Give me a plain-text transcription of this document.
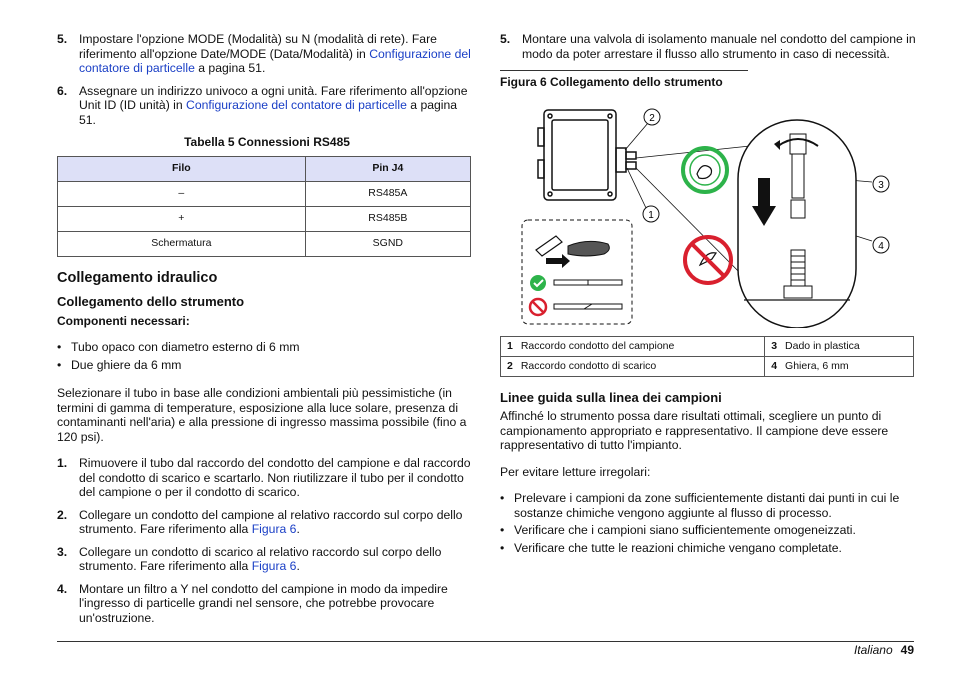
5. Impostare l'opzione MODE (Modalità) su N (modalità di rete). Fare riferimento all'opzione Date/MODE (Data/Modalità) in Configurazione del contatore di particelle a pagina 51.
6. Assegnare un indirizzo univoco a ogni unità. Fare riferimento all'opzione Unit ID (ID unità) in Configurazione del contatore di particelle a pagina 51.
Tabella 5 Connessioni RS485
Filo	Pin J4
–	RS485A
+	RS485B
Schermatura	SGND
Collegamento idraulico
Collegamento dello strumento
Componenti necessari:
• Tubo opaco con diametro esterno di 6 mm
• Due ghiere da 6 mm

Selezionare il tubo in base alle condizioni ambientali più pessimistiche (in termini di gamma di temperature, esposizione alla luce solare, presenza di contaminanti nell'aria) e alla pressione di ingresso massima possibile (fino a 120 psi).

1. Rimuovere il tubo dal raccordo del condotto del campione e dal raccordo del condotto di scarico e scartarlo. Non riutilizzare il tubo per il condotto del campione o per il condotto di scarico.
2. Collegare un condotto del campione al relativo raccordo sul corpo dello strumento. Fare riferimento alla Figura 6.
3. Collegare un condotto di scarico al relativo raccordo sul corpo dello strumento. Fare riferimento alla Figura 6.
4. Montare un filtro a Y nel condotto del campione in modo da impedire l'ingresso di particelle grandi nel sensore, che potrebbe provocare un'ostruzione.
5. Montare una valvola di isolamento manuale nel condotto del campione in modo da poter arrestare il flusso allo strumento in caso di necessità.
Figura 6 Collegamento dello strumento
2
1
3
4
1 Raccordo condotto del campione	3 Dado in plastica
2 Raccordo condotto di scarico	4 Ghiera, 6 mm
Linee guida sulla linea dei campioni

Affinché lo strumento possa dare risultati ottimali, scegliere un punto di campionamento appropriato e rappresentativo. Il campione deve essere rappresentativo di tutto l'impianto.

Per evitare letture irregolari:

• Prelevare i campioni da zone sufficientemente distanti dai punti in cui le sostanze chimiche vengono aggiunte al flusso di processo.
• Verificare che i campioni siano sufficientemente omogeneizzati.
• Verificare che tutte le reazioni chimiche vengano completate.
Italiano 49
